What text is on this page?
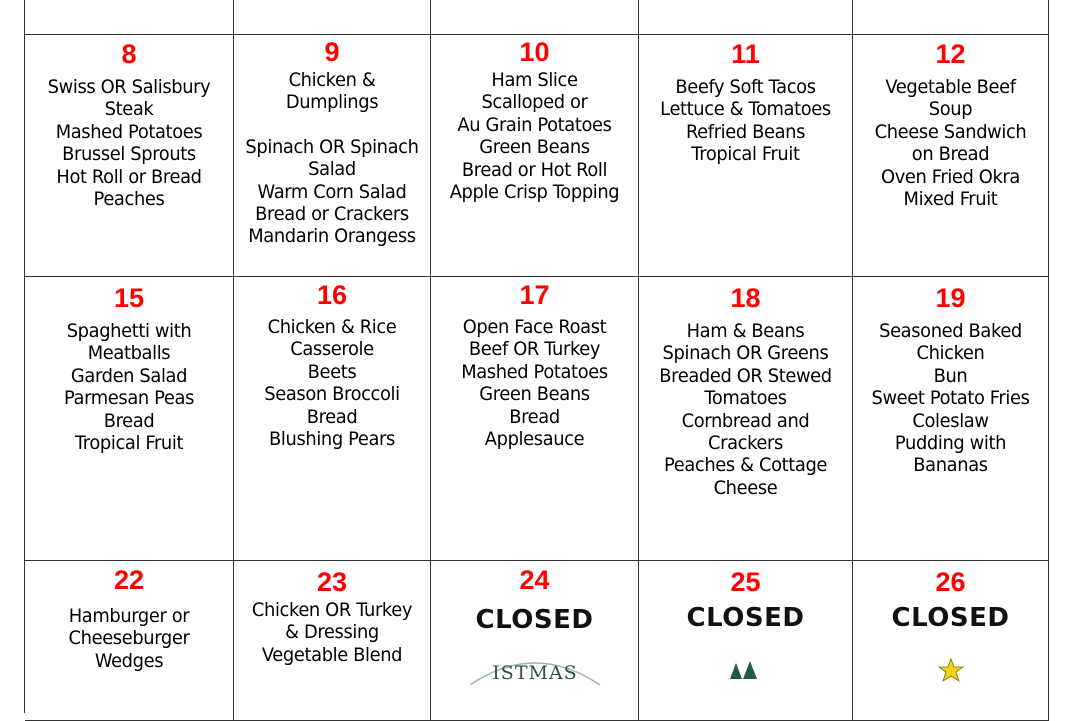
8
Swiss OR Salisbury
Steak
Mashed Potatoes
Brussel Sprouts
Hot Roll or Bread
Peaches
9
Chicken &
Dumplings
Spinach OR Spinach
Salad
Warm Corn Salad
Bread or Crackers
Mandarin Orangess
10
Ham Slice
Scalloped or
Au Grain Potatoes
Green Beans
Bread or Hot Roll
Apple Crisp Topping
11
Beefy Soft Tacos
Lettuce & Tomatoes
Refried Beans
Tropical Fruit
12
Vegetable Beef
Soup
Cheese Sandwich
on Bread
Oven Fried Okra
Mixed Fruit
15
Spaghetti with
Meatballs
Garden Salad
Parmesan Peas
Bread
Tropical Fruit
16
Chicken & Rice
Casserole
Beets
Season Broccoli
Bread
Blushing Pears
17
Open Face Roast
Beef OR Turkey
Mashed Potatoes
Green Beans
Bread
Applesauce
18
Ham & Beans
Spinach OR Greens
Breaded OR Stewed
Tomatoes
Cornbread and
Crackers
Peaches & Cottage
Cheese
19
Seasoned Baked
Chicken
Bun
Sweet Potato Fries
Coleslaw
Pudding with
Bananas
22
Hamburger or
Cheeseburger
Wedges
23
Chicken OR Turkey
& Dressing
Vegetable Blend
24
CLOSED
ISTMAS
25
CLOSED
26
CLOSED
